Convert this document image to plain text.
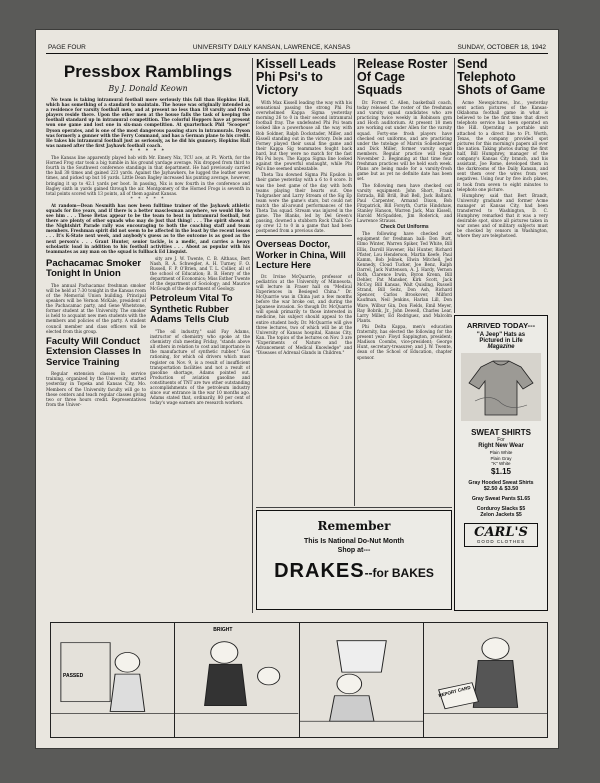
PAGE FOUR	UNIVERSITY DAILY KANSAN, LAWRENCE, KANSAS	SUNDAY, OCTOBER 18, 1942
Pressbox Ramblings
By J. Donald Keown

No team is taking intramural football more seriously this fall than Hopkins Hall, which has something of a standard to maintain. The house was originally intended as a residence for varsity football men, and at present no less than 18 varsity and fresh players reside there. Upon the other men at the house falls the task of keeping the football standard up in intramural competition. The colorful Hoppers have at present won one game and lost one in six-man competition. At quarterback Phil "Scooper" Dyson operates, and is one of the most dangerous passing stars in intramurals. Dyson was formerly a gunner with the Ferry Command, and has a German plane to his credit. He takes his intramural football just as seriously, as he did his gunnery. Hopkins Hall was named after the first Jayhawk football coach.

* * * * *

The Kansas line apparently played hob with Mr. Emery Nix, TCU ace, at Ft. Worth, for the Horned Frog star took a big tumble in his ground yardage average. Nix dropped from third to fourth in the Southwest conference standings in that department. He had previously carried the ball 38 times and gained 223 yards. Against the Jayhawkers, he lugged the leather seven times, and picked up but 16 yards. Little Dean Bagley increased his punting average, however, bringing it up to 42.1 yards per boot. In passing, Nix is now fourth in the conference and Bagley sixth in yards gained through the air. Montgomery of the Horned Frogs is seventh in total points scored with 13 points, all of them against Kansas.

* * * * *

At random—Dean Nesmith has now been fulltime trainer of the Jayhawk athletic squads for five years, and if there is a better masclesman anywhere, we would like to see him . . . These Betas appear to be the team to beat in intramural football, but there are plenty of other squads who may do just that thing! . . . The spirit shown at the Nightshirt Parade rally was encouraging to both the coaching staff and team members. Freshman spirit did not seem to be affected in the least by the recent losses . . . It's K-State next week, and anybody's guess as to the outcome is as good as the next person's . . . Grant Hunter, senior tackle, is a medic, and carries a heavy scholastic load in addition to his football activities . . . About as popular with his teammates as any man on the squad is fullback Ed Linquist.

Pachacamac Smoker Tonight In Union

The annual Pachacamac freshman smoker will be held at 7:30 tonight in the Kansas room of the Memorial Union building. Principal speakers will be Vernon McKale, president of the Pachacamac party, and Gene Whetstone, former student at the University. The smoker is held to acquaint new men students with the members and policies of the party. A student council member and class officers will be elected from this group.

Faculty Will Conduct Extension Classes In Service Training

Regular extension classes in service training, organized by the University, started yesterday in Topeka and Kansas City, Mo. Members of the University faculty will go to these centers and teach regular classes giving two or three hours credit. Representatives from the Univer-

sity are J. W. Twente, C. B. Althaus, Bert Nash, R. A. Schwegler, A. H. Turney, F. O. Russell, F. P. O'Brien, and T. L. Collier, all of the school of Education; B. B. Henry of the department of Economics; Miss Esther Twente of the department of Sociology; and Maurice McGough of the department of Geology.

Petroleum Vital To Synthetic Rubber Adams Tells Club

"The oil industry," said Fay Adams, instructor of chemistry who spoke at the chemistry club meeting Friday, "stands above all others in relation to cost and importance in the manufacture of synthetic rubber." Gas rationing, for which oil drivers which must register on Nov. 9, is a result of insufficient transportation facilities and not a result of gasoline shortage, Adams pointed out. Production of aviation gasoline and constituents of TNT are two other outstanding accomplishments of the petroleum industry since our entrance in the war 10 months ago. Adams stated that, ordinarily, 80 per cent of today's wage earners are research workers.

Kissell Leads Phi Psi's to Victory

With Max Kissell leading the way with his sensational passing the strong Phi Psi overwhelmed Kappa Sigma yesterday morning 26 to 0 in their second intramural football fray. The undefeated Phi Psi team looked like a powerhouse all the way with Bob Soldner, Ralph Dockstader, Miller, and Kissell standing out in the victory. Dole and Forney played their usual fine game and their Kappa Sig teammates fought back hard, but they were no match for the fast Phi Psi boys. The Kappa Sigma line looked against the powerful onslaught, while Phi Psi's line seemed unbeatable.

Theta Tau downed Sigma Phi Epsilon in their game yesterday with a 6 to 0 score. It was the best game of the day with both teams playing their hearts out. One Tudgrasher and Larry Stream of the Sig Ep team were the game's stars, but could not match the all-around performances of the Theta Tau squad. Stream was injured in the game. The Blanks, led by Del Green's passing, downed a stubborn Rock Chalk Co-op crew 12 to 0 in a game that had been postponed from a previous date.

Overseas Doctor, Worker in China, Will Lecture Here

Dr. Irvine McQuarrie, professor of pediatrics at the University of Minnesota, will lecture in Fraser hall on "Medical Experiences in Besieged China." Dr. McQuarrie was in China just a few months before the war broke out, and during the Japanese invasion. So though Dr. McQuarrie will speak primarily to those interested in medicine, his subject should appeal to the entire student body. Dr. McQuarrie will give three lectures, two of which will be at the University of Kansas hospital, Kansas City, Kan. The topics of the lectures on Nov. 3 are "Experiments of Nature and the Advancement of Medical Knowledge" and "Diseases of Adrenal Glands in Children."

Release Roster Of Cage Squads

Dr. Forrest C. Allen, basketball coach, today released the roster of the freshman and varsity squad candidates who are practicing twice weekly in Robinson gym and Hoch auditorium. At present 18 men are working out under Allen for the varsity squad. Forty-one frosh players have checked out uniforms, and are practicing under the tutelage of Marvin Sollenberger and Dick Miller, former varsity squad members. Regular practice will begin November 2. Beginning at that time four freshman practices will be held each week. Plans are being made for a varsity-frosh game but as yet no definite date has been set.

The following men have checked out varsity equipment: John Short, Frank Estrada, Bill Brill, Bud Bell, Jack Ballard, Paul Carpenter, Armand Dixon, Bob Fitzpatrick, Bill Forsyth, Curtis Hindshaw, Stanley Hanson, Warren Jack, Max Kissell, Harold McSpadden, Jim Roderick, and Lawrence Strauss.

Check Out Uniforms

The following have checked out equipment for freshman ball: Don Burt, Elmo Winter, Warren Spiker, Ted White, Bill Ellis, Darvill Havener, Hal Hunter, Richard Pfister, Lou Henderson, Martin Keefe, Paul Kamm, Bob Jelinek, Elwin Mitchell, Jed Kennedy, Cloud Tucker, Joe Benz, Ralph Darrel, Jack Nuttenson, A. J. Hardy, Vernon Roth, Clarence Irwin, Byron Krenn, Bill Dehler, Pat Mansker, Kirk Scott, Jack McCoy, Bill Kansas, Walt Quisling, Russell Strand, Bill Seitz, Don Ash, Richard Spencer, Carlos Brookover, Milford Kaufman, Neil Jenkins, Harlan Lill, Don Ware, Wilbur Gin, Don Fields, Emil Meyer, Ray Bobrik, Jr., John Dewell, Charles Lear, Larry Miller, Ed Rodriguez, and Malcolm Plants.

Phi Delta Kappa, men's education fraternity, has elected the following for the present year: Floyd Sappington, president; Madison Coombs, vice-president; George Hunt, secretary-treasurer; and J. W. Twente, dean of the School of Education, chapter sponsor.

Send Telephoto Shots of Game

Acme Newspictures, Inc., yesterday sent action pictures of the Kansas-Oklahoma football game in what is believed to be the first time that direct telephoto service has been operated on the Hill. Operating a portable unit attached to a direct line to Ft. Worth, Texas, the company provided spot pictures for this morning's papers all over the nation. Taking photos during the first half, Bill Humphrey, manager of the company's Kansas City branch, and his assistant, Joe Rome, developed them in the darkrooms of the Daily Kansan, and sent them over the wires from wet negatives. Using four by five inch plates, it took from seven to eight minutes to telephoto one picture.

Humphrey said that Bert Brandt, University graduate and former Acme manager at Kansas City, had been transferred to Washington, D. C. Humphrey remarked that it was a very desirable spot, since all pictures taken in war zones and of military subjects must be checked by censors in Washington, where they are telephotoed.

ARRIVED TODAY---
"A Jeep" Hats as
Pictured in Life
Magazine
SWEAT SHIRTS
For
Right New Wear
Plain White
Plain Gray
"K" White
$1.15
Gray Hooded Sweat Shirts
$2.50 & $3.50
Gray Sweat Pants $1.65
Corduroy Slacks $5
Zelon Jackets $5
CARL'S
GOOD CLOTHES
Remember
This Is National Do-Nut Month
Shop at---
DRAKES--for BAKES
PASSED
BRIGHT
REPORT CARD
